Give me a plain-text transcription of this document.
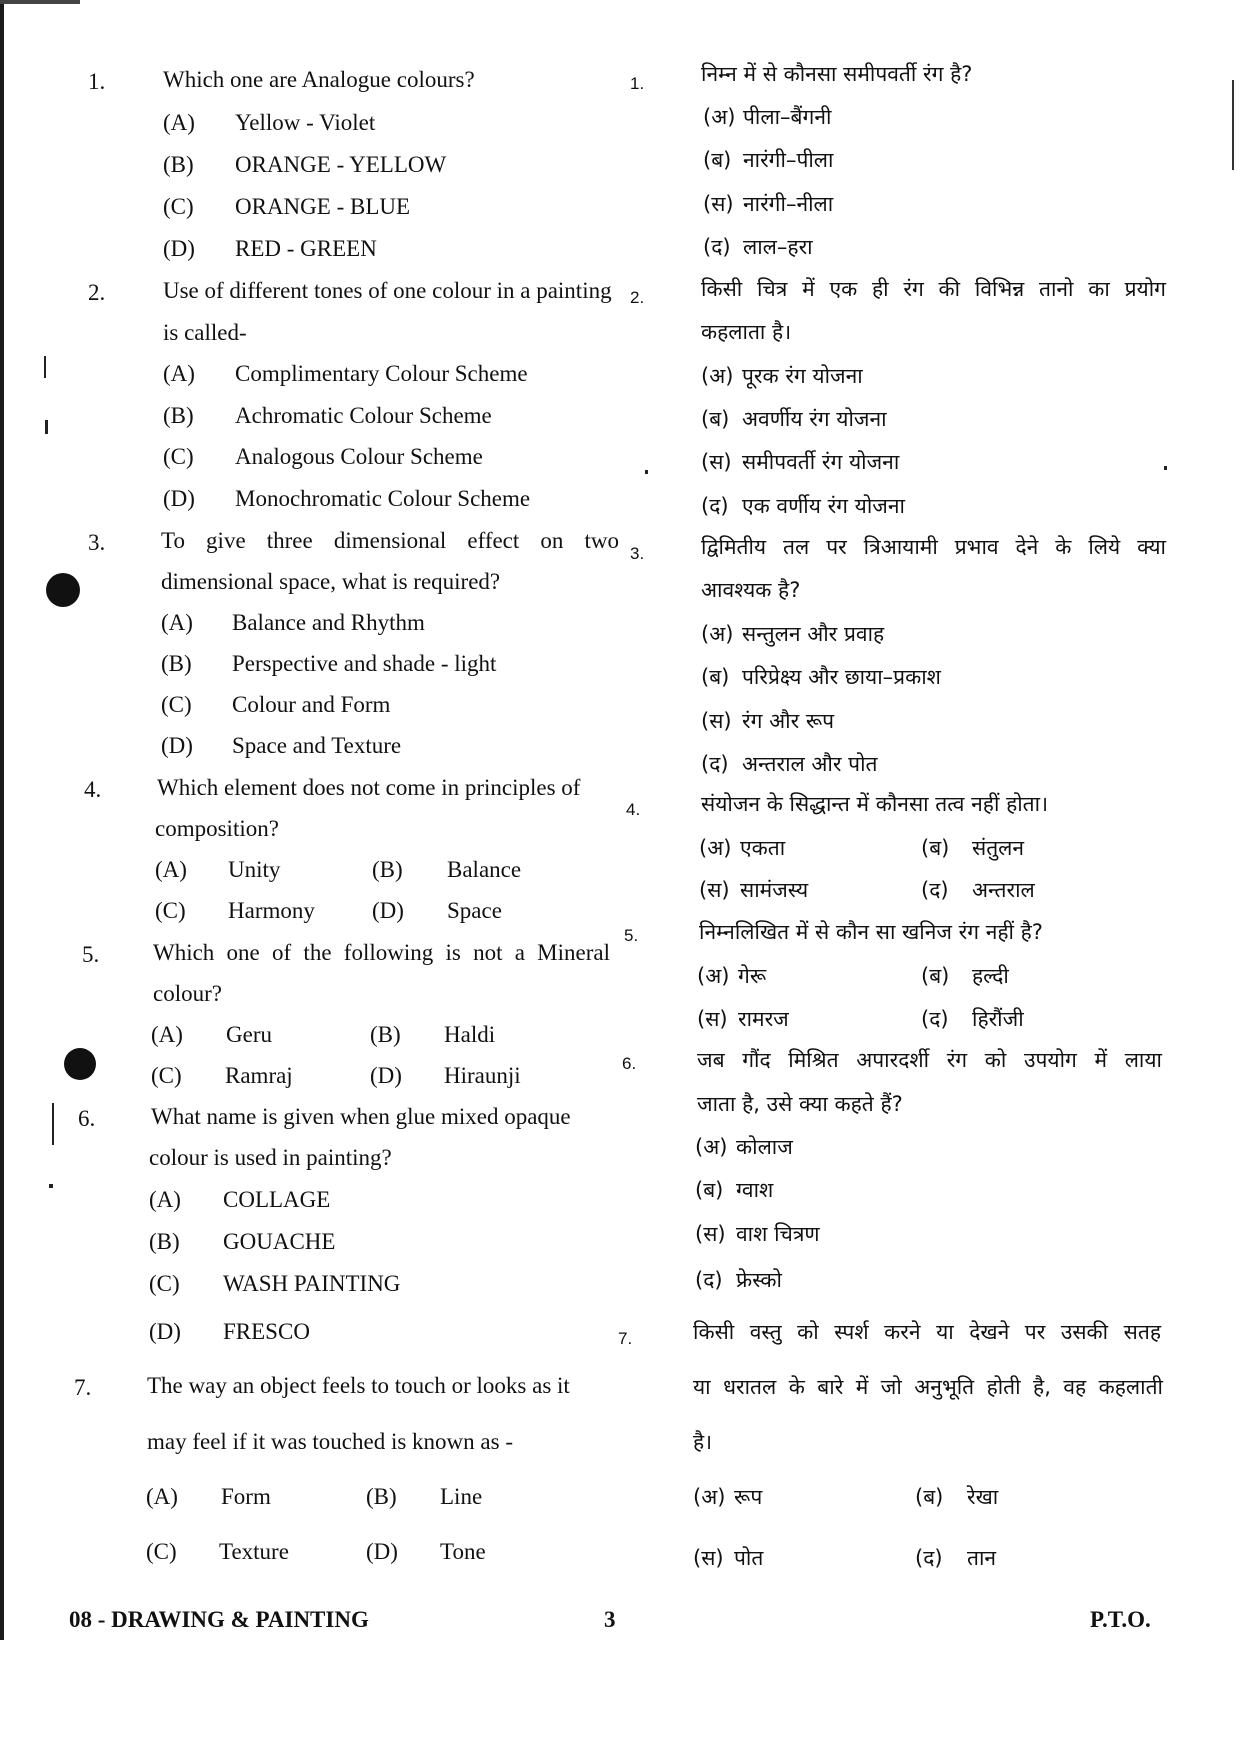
1.	Which one are Analogue colours?
(A) Yellow - Violet
(B) ORANGE - YELLOW
(C) ORANGE - BLUE
(D) RED - GREEN
2.	Use of different tones of one colour in a painting
is called-
(A) Complimentary Colour Scheme
(B) Achromatic Colour Scheme
(C) Analogous Colour Scheme
(D) Monochromatic Colour Scheme
3. To give three dimensional effect on two
dimensional space, what is required?
(A) Balance and Rhythm
(B) Perspective and shade - light
(C) Colour and Form
(D) Space and Texture
4. Which element does not come in principles of
composition?
(A) Unity	(B) Balance
(C) Harmony (D) Space
5. Which one of the following is not a Mineral
colour?
(A) Geru	(B) Haldi
(C) Ramraj	(D) Hiraunji
6. What name is given when glue mixed opaque
colour is used in painting?
(A) COLLAGE
(B) GOUACHE
(C) WASH PAINTING
(D) FRESCO
7. The way an object feels to touch or looks as it
may feel if it was touched is known as -
(A) Form	(B) Line
(C) Texture	(D) Tone
1.
2.
3.
4.
5.
6.
7.
निम्न में से कौनसा समीपवर्ती रंग है?
(अ) पीला–बैंगनी
(ब) नारंगी–पीला
(स) नारंगी–नीला
(द) लाल–हरा
किसी चित्र में एक ही रंग की विभिन्न तानो का प्रयोग
कहलाता है।
(अ) पूरक रंग योजना
(ब) अवर्णीय रंग योजना
(स) समीपवर्ती रंग योजना
(द) एक वर्णीय रंग योजना
द्विमितीय तल पर त्रिआयामी प्रभाव देने के लिये क्या
आवश्यक है?
(अ) सन्तुलन और प्रवाह
(ब) परिप्रेक्ष्य और छाया–प्रकाश
(स) रंग और रूप
(द) अन्तराल और पोत
संयोजन के सिद्धान्त में कौनसा तत्व नहीं होता।
(अ) एकता	(ब) संतुलन
(स) सामंजस्य	(द) अन्तराल
निम्नलिखित में से कौन सा खनिज रंग नहीं है?
(अ) गेरू	(ब) हल्दी
(स) रामरज	(द) हिरौंजी
जब गौंद मिश्रित अपारदर्शी रंग को उपयोग में लाया
जाता है, उसे क्या कहते हैं?
(अ) कोलाज
(ब) ग्वाश
(स) वाश चित्रण
(द) फ्रेस्को
किसी वस्तु को स्पर्श करने या देखने पर उसकी सतह
या धरातल के बारे में जो अनुभूति होती है, वह कहलाती
है।
(अ) रूप	(ब) रेखा
(स) पोत	(द) तान
08 - DRAWING & PAINTING	3	P.T.O.
